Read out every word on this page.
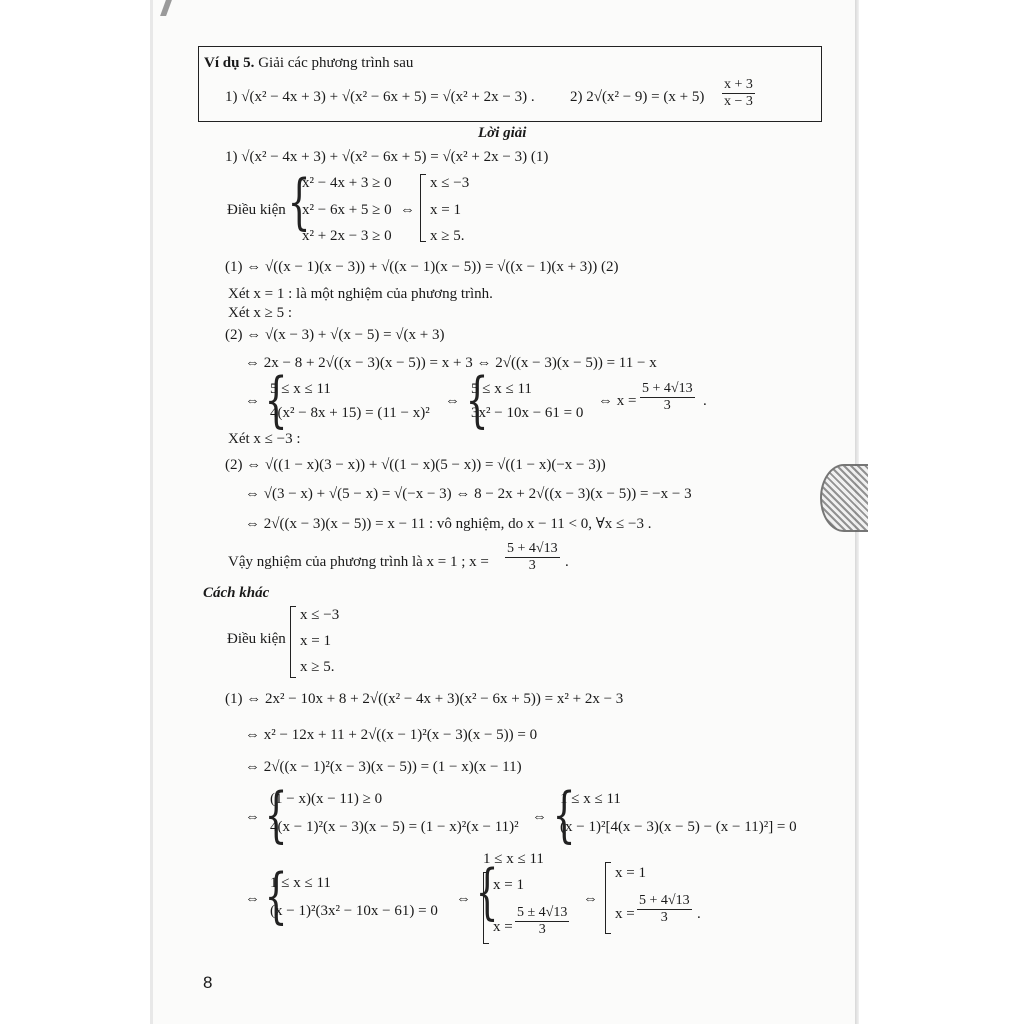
Ví dụ 5. Giải các phương trình sau
1) √(x² − 4x + 3) + √(x² − 6x + 5) = √(x² + 2x − 3) . 2) $2√(x^2 - 9) = (x + 5) \frac{x + 3}{x - 3}$
Lời giải
1) √(x² − 4x + 3) + √(x² − 6x + 5) = √(x² + 2x − 3) (1)
Điều kiện {
x² − 4x + 3 ≥ 0
x² − 6x + 5 ≥ 0
x² + 2x − 3 ≥ 0
⇔
x ≤ −3
x = 1
x ≥ 5.
(1) ⇔ √((x − 1)(x − 3)) + √((x − 1)(x − 5)) = √((x − 1)(x + 3)) (2)
Xét x = 1 : là một nghiệm của phương trình.
Xét x ≥ 5 :
(2) ⇔ √(x − 3) + √(x − 5) = √(x + 3)
⇔ 2x − 8 + 2√((x − 3)(x − 5)) = x + 3 ⇔ 2√((x − 3)(x − 5)) = 11 − x
⇔ {
5 ≤ x ≤ 11
4(x² − 8x + 15) = (11 − x)²
⇔ {
5 ≤ x ≤ 11
3x² − 10x − 61 = 0
⇔ $x = \frac{5 + 4√13}{3}$ .
Xét x ≤ −3 :
(2) ⇔ √((1 − x)(3 − x)) + √((1 − x)(5 − x)) = √((1 − x)(−x − 3))
⇔ √(3 − x) + √(5 − x) = √(−x − 3) ⇔ 8 − 2x + 2√((x − 3)(x − 5)) = −x − 3
⇔ 2√((x − 3)(x − 5)) = x − 11 : vô nghiệm, do x − 11 < 0, ∀x ≤ −3 .
Vậy nghiệm của phương trình là x = 1 ; $x = \frac{5 + 4√13}{3}$ .
Cách khác
Điều kiện
x ≤ −3
x = 1
x ≥ 5.
(1) ⇔ 2x² − 10x + 8 + 2√((x² − 4x + 3)(x² − 6x + 5)) = x² + 2x − 3
⇔ x² − 12x + 11 + 2√((x − 1)²(x − 3)(x − 5)) = 0
⇔ 2√((x − 1)²(x − 3)(x − 5)) = (1 − x)(x − 11)
⇔ {
(1 − x)(x − 11) ≥ 0
4(x − 1)²(x − 3)(x − 5) = (1 − x)²(x − 11)²
⇔ {
1 ≤ x ≤ 11
(x − 1)²[4(x − 3)(x − 5) − (x − 11)²] = 0
⇔ {
1 ≤ x ≤ 11
(x − 1)²(3x² − 10x − 61) = 0
⇔ {
1 ≤ x ≤ 11
x = 1
$x = \frac{5 \pm 4√13}{3}$
⇔
x = 1
$x = \frac{5 + 4√13}{3}$ .
8
